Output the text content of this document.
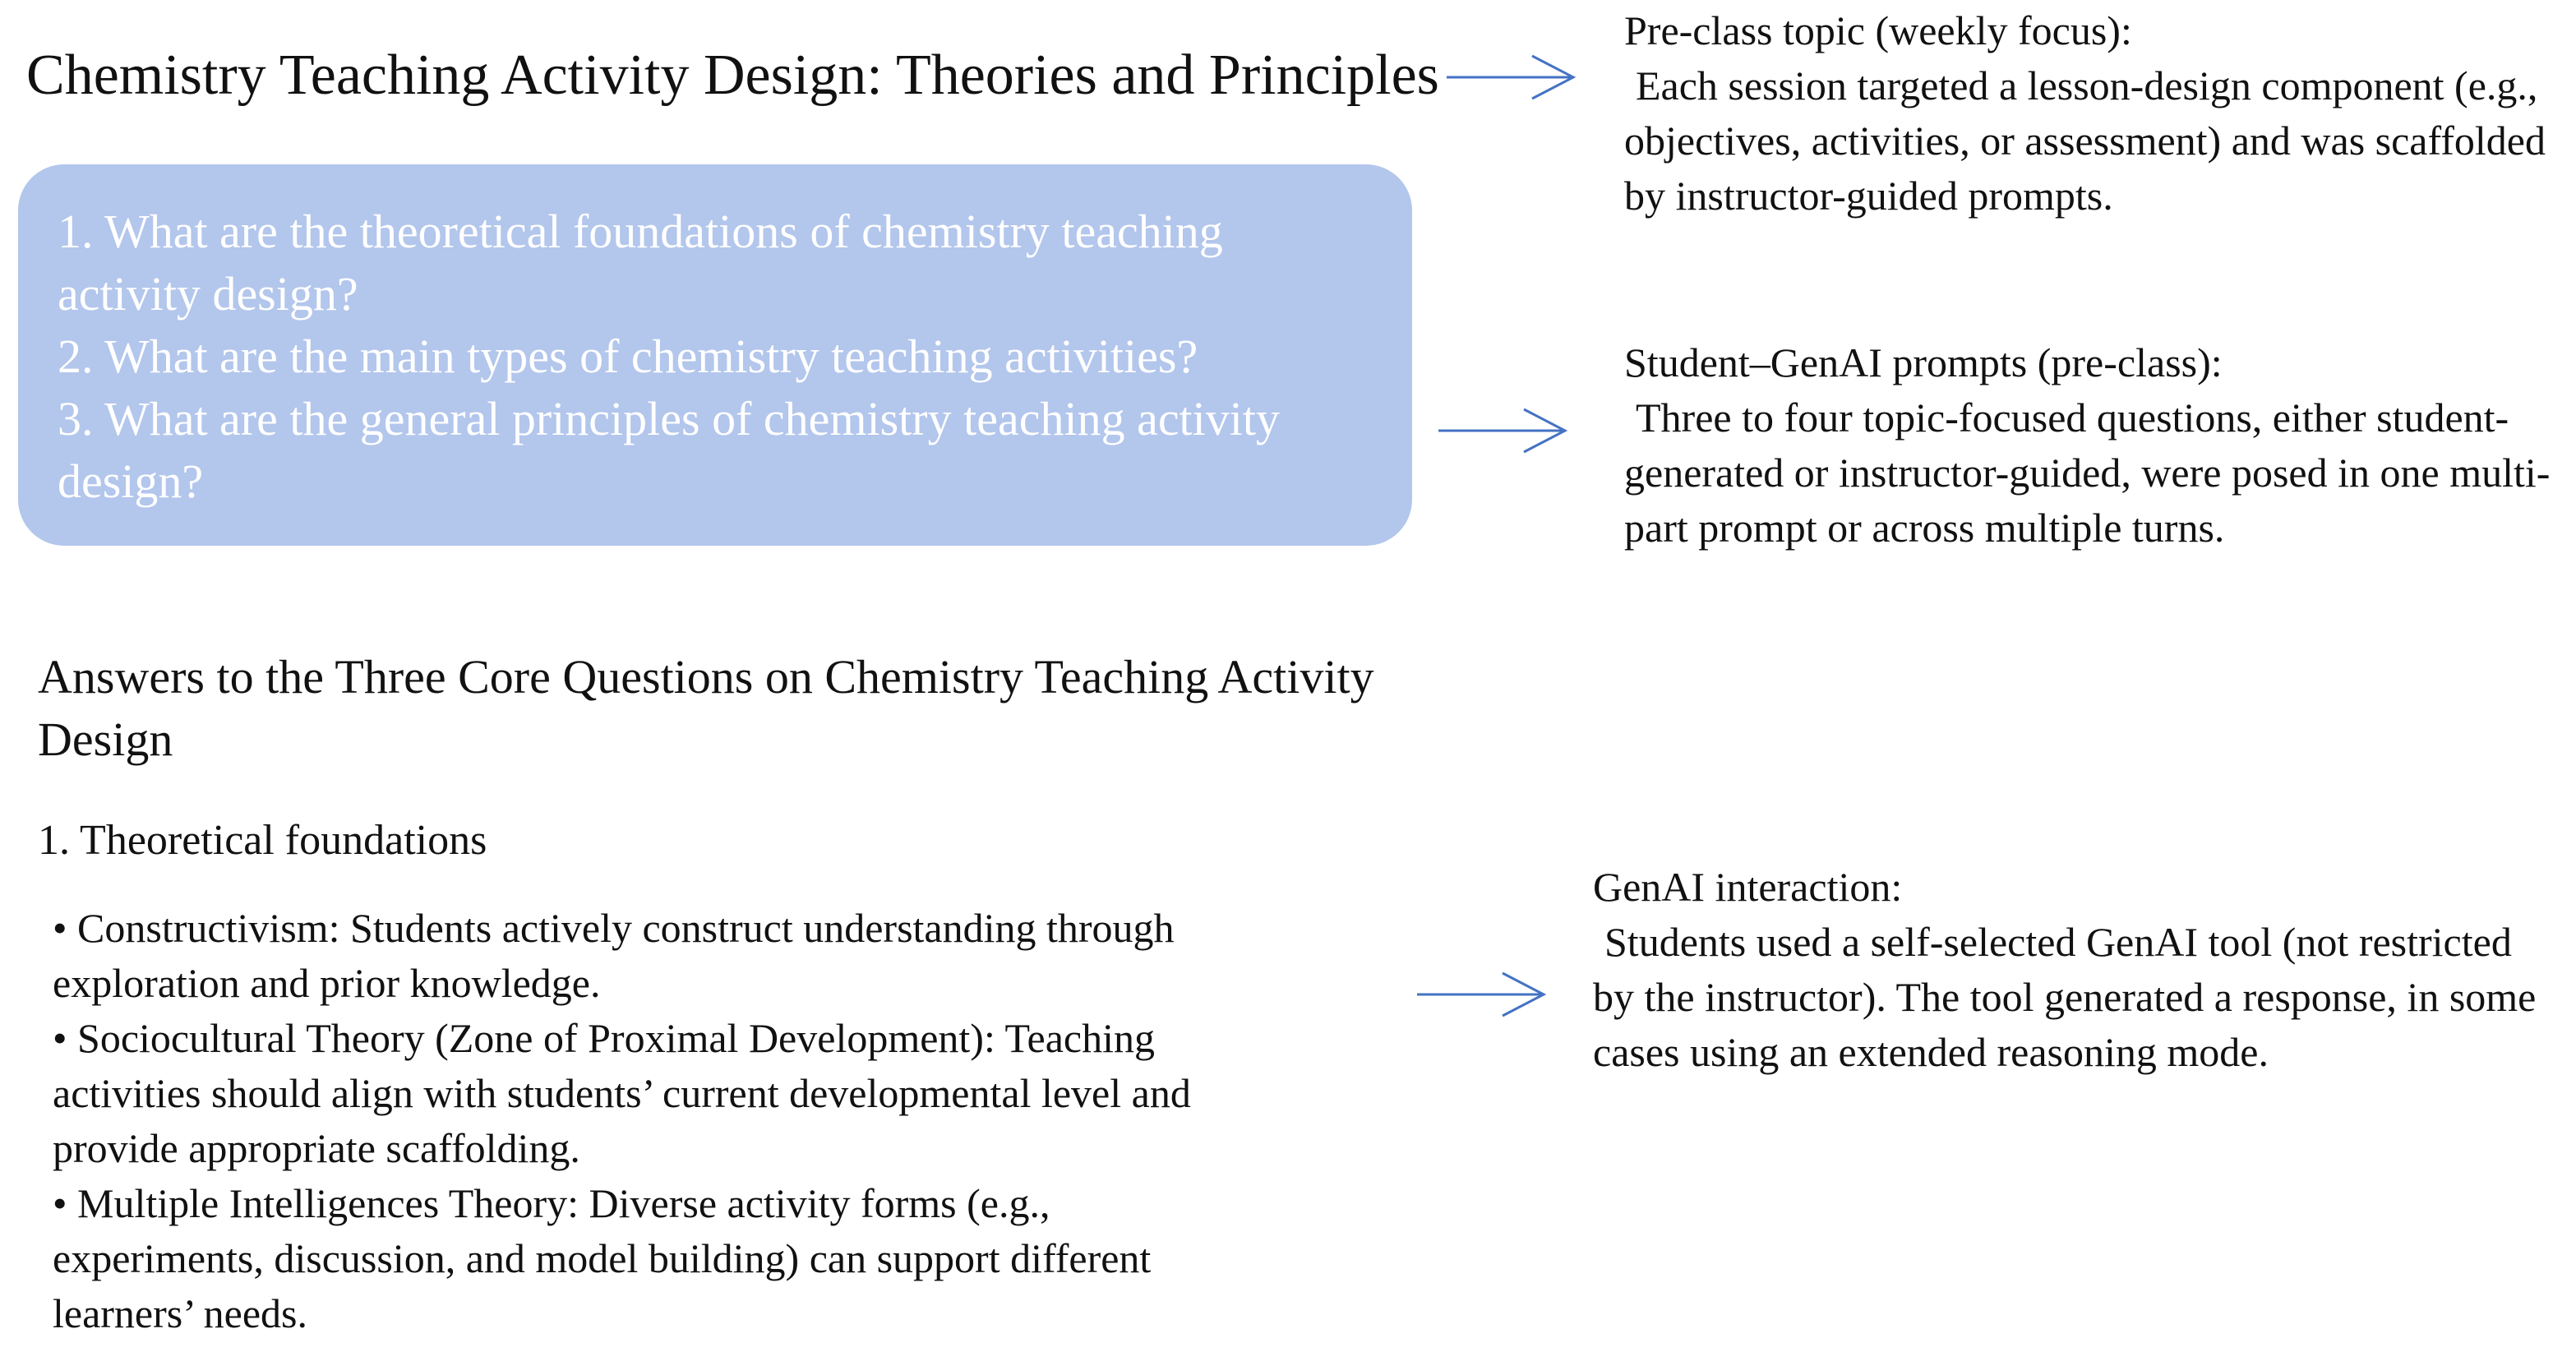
Chemistry Teaching Activity Design: Theories and Principles
1. What are the theoretical foundations of chemistry teaching activity design?
2. What are the main types of chemistry teaching activities?
3. What are the general principles of chemistry teaching activity design?
Answers to the Three Core Questions on Chemistry Teaching Activity Design
1. Theoretical foundations
• Constructivism: Students actively construct understanding through exploration and prior knowledge.
• Sociocultural Theory (Zone of Proximal Development): Teaching activities should align with students’ current developmental level and provide appropriate scaffolding.
• Multiple Intelligences Theory: Diverse activity forms (e.g., experiments, discussion, and model building) can support different learners’ needs.
Pre-class topic (weekly focus):
Each session targeted a lesson-design component (e.g., objectives, activities, or assessment) and was scaffolded by instructor-guided prompts.
Student–GenAI prompts (pre-class):
Three to four topic-focused questions, either student-generated or instructor-guided, were posed in one multi-part prompt or across multiple turns.
GenAI interaction:
Students used a self-selected GenAI tool (not restricted by the instructor). The tool generated a response, in some cases using an extended reasoning mode.
